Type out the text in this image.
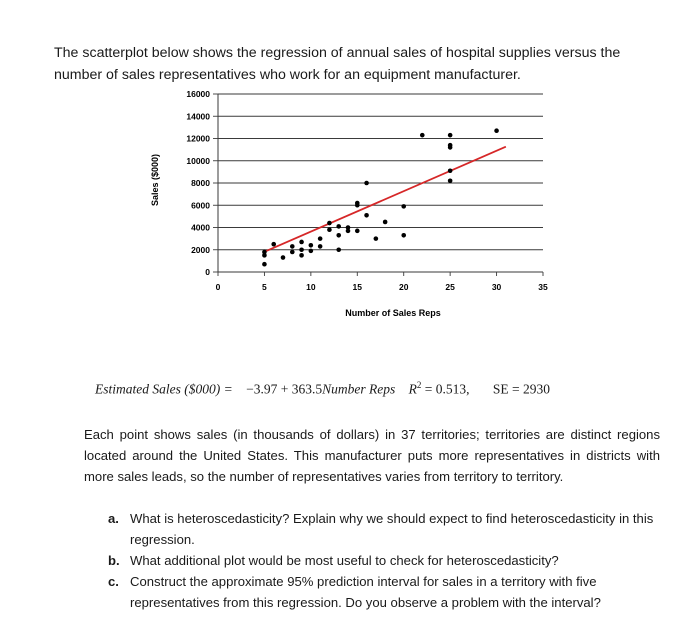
The scatterplot below shows the regression of annual sales of hospital supplies versus the

number of sales representatives who work for an equipment manufacturer.

0
2000
4000
6000
8000
10000
12000
14000
16000
0	5	10	15	20	25	30	35
Number of Sales Reps
Sales ($000)
Estimated Sales ($000) = −3.97 + 363.5Number Reps $R^2 = 0.513$, SE = 2930

Each point shows sales (in thousands of dollars) in 37 territories; territories are distinct regions located around the United States. This manufacturer puts more representatives in districts with more sales leads, so the number of representatives varies from territory to territory.

a. What is heteroscedasticity? Explain why we should expect to find heteroscedasticity in this regression.
b. What additional plot would be most useful to check for heteroscedasticity?
c. Construct the approximate 95% prediction interval for sales in a territory with five representatives from this regression. Do you observe a problem with the interval?
